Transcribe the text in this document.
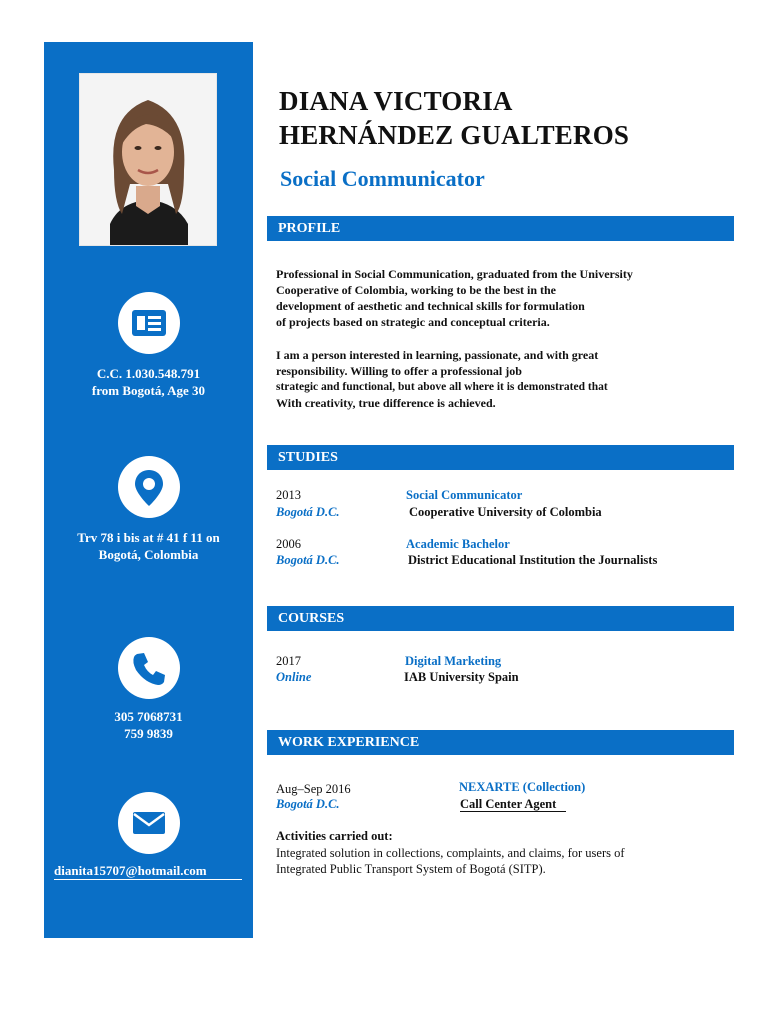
C.C. 1.030.548.791
from Bogotá, Age 30
Trv 78 i bis at # 41 f 11 on
Bogotá, Colombia
305 7068731
759 9839
dianita15707@hotmail.com
DIANA VICTORIA
HERNÁNDEZ GUALTEROS
Social Communicator
PROFILE
Professional in Social Communication, graduated from the University
Cooperative of Colombia, working to be the best in the
development of aesthetic and technical skills for formulation
of projects based on strategic and conceptual criteria.
I am a person interested in learning, passionate, and with great
responsibility. Willing to offer a professional job
strategic and functional, but above all where it is demonstrated that
With creativity, true difference is achieved.
STUDIES
2013	Social Communicator
Bogotá D.C.	Cooperative University of Colombia
2006	Academic Bachelor
Bogotá D.C.	District Educational Institution the Journalists
COURSES
2017	Digital Marketing
Online	IAB University Spain
WORK EXPERIENCE
Aug–Sep 2016	NEXARTE (Collection)
Bogotá D.C.	Call Center Agent
Activities carried out:
Integrated solution in collections, complaints, and claims, for users of
Integrated Public Transport System of Bogotá (SITP).
